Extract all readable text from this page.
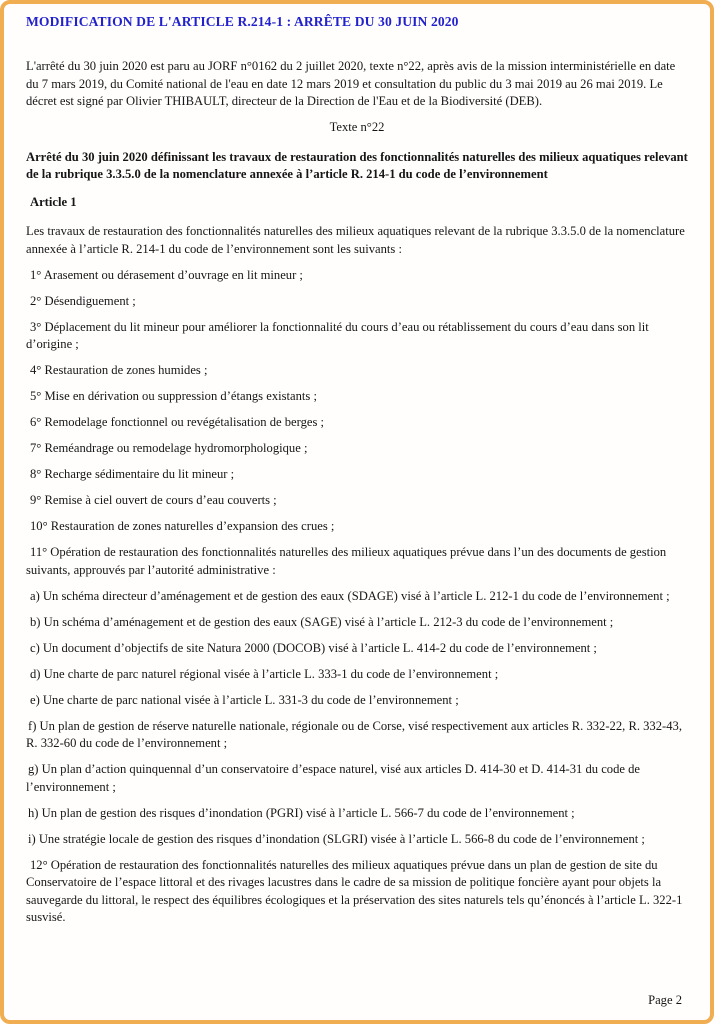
MODIFICATION DE L'ARTICLE R.214-1 : ARRÊTE DU 30 JUIN 2020

L'arrêté du 30 juin 2020 est paru au JORF n°0162 du 2 juillet 2020, texte n°22, après avis de la mission interministérielle en date du 7 mars 2019, du Comité national de l'eau en date 12 mars 2019 et consultation du public du 3 mai 2019 au 26 mai 2019. Le décret est signé par Olivier THIBAULT, directeur de la Direction de l'Eau et de la Biodiversité (DEB).

Texte n°22

Arrêté du 30 juin 2020 définissant les travaux de restauration des fonctionnalités naturelles des milieux aquatiques relevant de la rubrique 3.3.5.0 de la nomenclature annexée à l’article R. 214-1 du code de l’environnement

Article 1

Les travaux de restauration des fonctionnalités naturelles des milieux aquatiques relevant de la rubrique 3.3.5.0 de la nomenclature annexée à l’article R. 214-1 du code de l’environnement sont les suivants :

1° Arasement ou dérasement d’ouvrage en lit mineur ;

2° Désendiguement ;

3° Déplacement du lit mineur pour améliorer la fonctionnalité du cours d’eau ou rétablissement du cours d’eau dans son lit d’origine ;

4° Restauration de zones humides ;

5° Mise en dérivation ou suppression d’étangs existants ;

6° Remodelage fonctionnel ou revégétalisation de berges ;

7° Reméandrage ou remodelage hydromorphologique ;

8° Recharge sédimentaire du lit mineur ;

9° Remise à ciel ouvert de cours d’eau couverts ;

10° Restauration de zones naturelles d’expansion des crues ;

11° Opération de restauration des fonctionnalités naturelles des milieux aquatiques prévue dans l’un des documents de gestion suivants, approuvés par l’autorité administrative :

a) Un schéma directeur d’aménagement et de gestion des eaux (SDAGE) visé à l’article L. 212-1 du code de l’environnement ;

b) Un schéma d’aménagement et de gestion des eaux (SAGE) visé à l’article L. 212-3 du code de l’environnement ;

c) Un document d’objectifs de site Natura 2000 (DOCOB) visé à l’article L. 414-2 du code de l’environnement ;

d) Une charte de parc naturel régional visée à l’article L. 333-1 du code de l’environnement ;

e) Une charte de parc national visée à l’article L. 331-3 du code de l’environnement ;

f) Un plan de gestion de réserve naturelle nationale, régionale ou de Corse, visé respectivement aux articles R. 332-22, R. 332-43, R. 332-60 du code de l’environnement ;

g) Un plan d’action quinquennal d’un conservatoire d’espace naturel, visé aux articles D. 414-30 et D. 414-31 du code de l’environnement ;

h) Un plan de gestion des risques d’inondation (PGRI) visé à l’article L. 566-7 du code de l’environnement ;

i) Une stratégie locale de gestion des risques d’inondation (SLGRI) visée à l’article L. 566-8 du code de l’environnement ;

12° Opération de restauration des fonctionnalités naturelles des milieux aquatiques prévue dans un plan de gestion de site du Conservatoire de l’espace littoral et des rivages lacustres dans le cadre de sa mission de politique foncière ayant pour objets la sauvegarde du littoral, le respect des équilibres écologiques et la préservation des sites naturels tels qu’énoncés à l’article L. 322-1 susvisé.

Page 2
